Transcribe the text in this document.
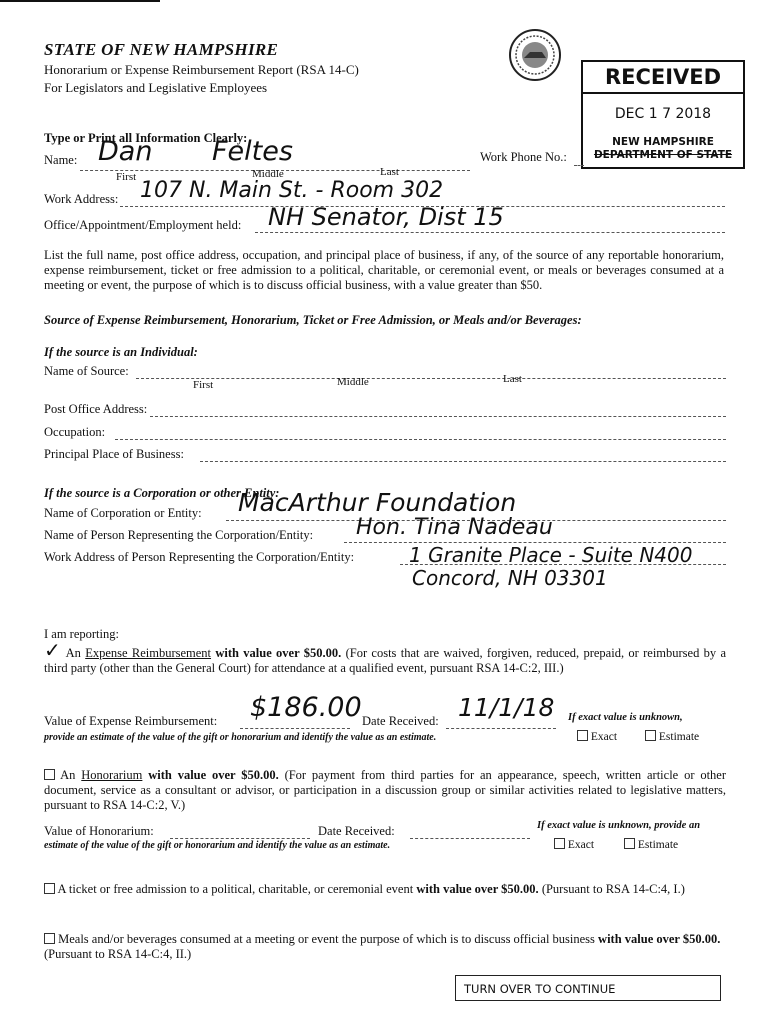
STATE OF NEW HAMPSHIRE
Honorarium or Expense Reimbursement Report (RSA 14-C)
For Legislators and Legislative Employees	RECEIVED
DEC 1 7 2018
NEW HAMPSHIRE
DEPARTMENT OF STATE
Type or Print all Information Clearly:
Name: Dan Feltes
First	Middle	Last
Work Phone No.:
Work Address: 107 N. Main St. - Room 302
Office/Appointment/Employment held: NH Senator, Dist 15
List the full name, post office address, occupation, and principal place of business, if any, of the source of any reportable honorarium, expense reimbursement, ticket or free admission to a political, charitable, or ceremonial event, or meals or beverages consumed at a meeting or event, the purpose of which is to discuss official business, with a value greater than $50.
Source of Expense Reimbursement, Honorarium, Ticket or Free Admission, or Meals and/or Beverages:
If the source is an Individual:
Name of Source:
First	Middle	Last
Post Office Address:
Occupation:
Principal Place of Business:
If the source is a Corporation or other Entity:
Name of Corporation or Entity: MacArthur Foundation
Name of Person Representing the Corporation/Entity: Hon. Tina Nadeau
Work Address of Person Representing the Corporation/Entity:	1 Granite Place - Suite N400
Concord, NH 03301
I am reporting:
✓ An Expense Reimbursement with value over $50.00. (For costs that are waived, forgiven, reduced, prepaid, or reimbursed by a third party (other than the General Court) for attendance at a qualified event, pursuant RSA 14-C:2, III.)
Value of Expense Reimbursement: $186.00 Date Received: 11/1/18 If exact value is unknown,
provide an estimate of the value of the gift or honorarium and identify the value as an estimate.	Exact	Estimate
An Honorarium with value over $50.00. (For payment from third parties for an appearance, speech, written article or other document, service as a consultant or advisor, or participation in a discussion group or similar activities related to legislative matters, pursuant to RSA 14-C:2, V.)
Value of Honorarium:	Date Received:	If exact value is unknown, provide an
estimate of the value of the gift or honorarium and identify the value as an estimate.	Exact	Estimate
A ticket or free admission to a political, charitable, or ceremonial event with value over $50.00. (Pursuant to RSA 14-C:4, I.)
Meals and/or beverages consumed at a meeting or event the purpose of which is to discuss official business with value over $50.00. (Pursuant to RSA 14-C:4, II.)
TURN OVER TO CONTINUE
